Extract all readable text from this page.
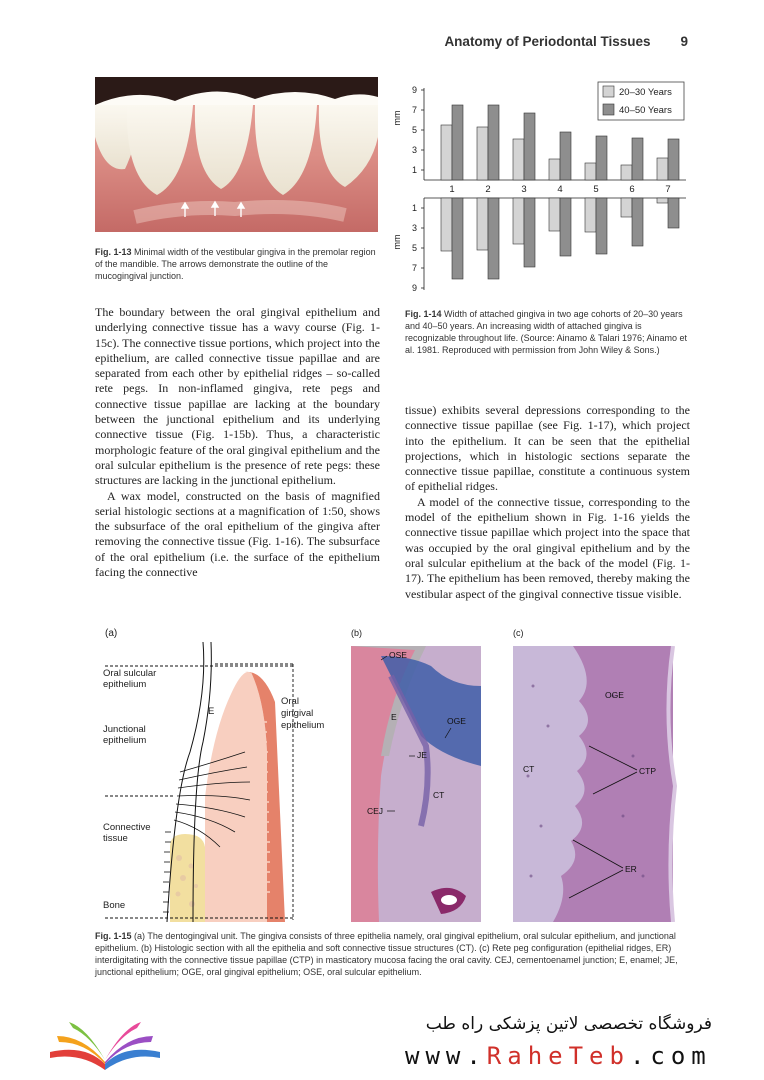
Anatomy of Periodontal Tissues 9
Fig. 1-13 Minimal width of the vestibular gingiva in the premolar region of the mandible. The arrows demonstrate the outline of the mucogingival junction.
mm
mm
1
3
5
7
9
1
3
5
7
9
1	2	3	4	5	6	7
20–30 Years
40–50 Years
Fig. 1-14 Width of attached gingiva in two age cohorts of 20–30 years and 40–50 years. An increasing width of attached gingiva is recognizable throughout life. (Source: Ainamo & Talari 1976; Ainamo et al. 1981. Reproduced with permission from John Wiley & Sons.)

The boundary between the oral gingival epithelium and underlying connective tissue has a wavy course (Fig. 1-15c). The connective tissue portions, which project into the epithelium, are called connective tissue papillae and are separated from each other by epithelial ridges – so-called rete pegs. In non-inflamed gingiva, rete pegs and connective tissue papillae are lacking at the boundary between the junctional epithelium and its underlying connective tissue (Fig. 1-15b). Thus, a characteristic morphologic feature of the oral gingival epithelium and the oral sulcular epithelium is the presence of rete pegs: these structures are lacking in the junctional epithelium.

A wax model, constructed on the basis of magnified serial histologic sections at a magnification of 1:50, shows the subsurface of the oral epithelium of the gingiva after removing the connective tissue (Fig. 1-16). The subsurface of the oral epithelium (i.e. the surface of the epithelium facing the connective

tissue) exhibits several depressions corresponding to the connective tissue papillae (see Fig. 1-17), which project into the epithelium. It can be seen that the epithelial projections, which in histologic sections separate the connective tissue papillae, constitute a continuous system of epithelial ridges.

A model of the connective tissue, corresponding to the model of the epithelium shown in Fig. 1-16 yields the connective tissue papillae which project into the space that was occupied by the oral gingival epithelium and by the oral sulcular epithelium at the back of the model (Fig. 1-17). The epithelium has been removed, thereby making the vestibular aspect of the gingival connective tissue visible.

(a)
Oral sulcular
epithelium
Junctional
epithelium
Connective
tissue
Bone
E
Oral
gingival
epithelium
(b)
OSE
E	OGE
JE
CT
CEJ
(c)
OGE
CT	CTP
ER
Fig. 1-15 (a) The dentogingival unit. The gingiva consists of three epithelia namely, oral gingival epithelium, oral sulcular epithelium, and junctional epithelium. (b) Histologic section with all the epithelia and soft connective tissue structures (CT). (c) Rete peg configuration (epithelial ridges, ER) interdigitating with the connective tissue papillae (CTP) in masticatory mucosa facing the oral cavity. CEJ, cementoenamel junction; E, enamel; JE, junctional epithelium; OGE, oral gingival epithelium; OSE, oral sulcular epithelium.
فروشگاه تخصصی لاتین پزشکی راه طب
www.RaheTeb.com
